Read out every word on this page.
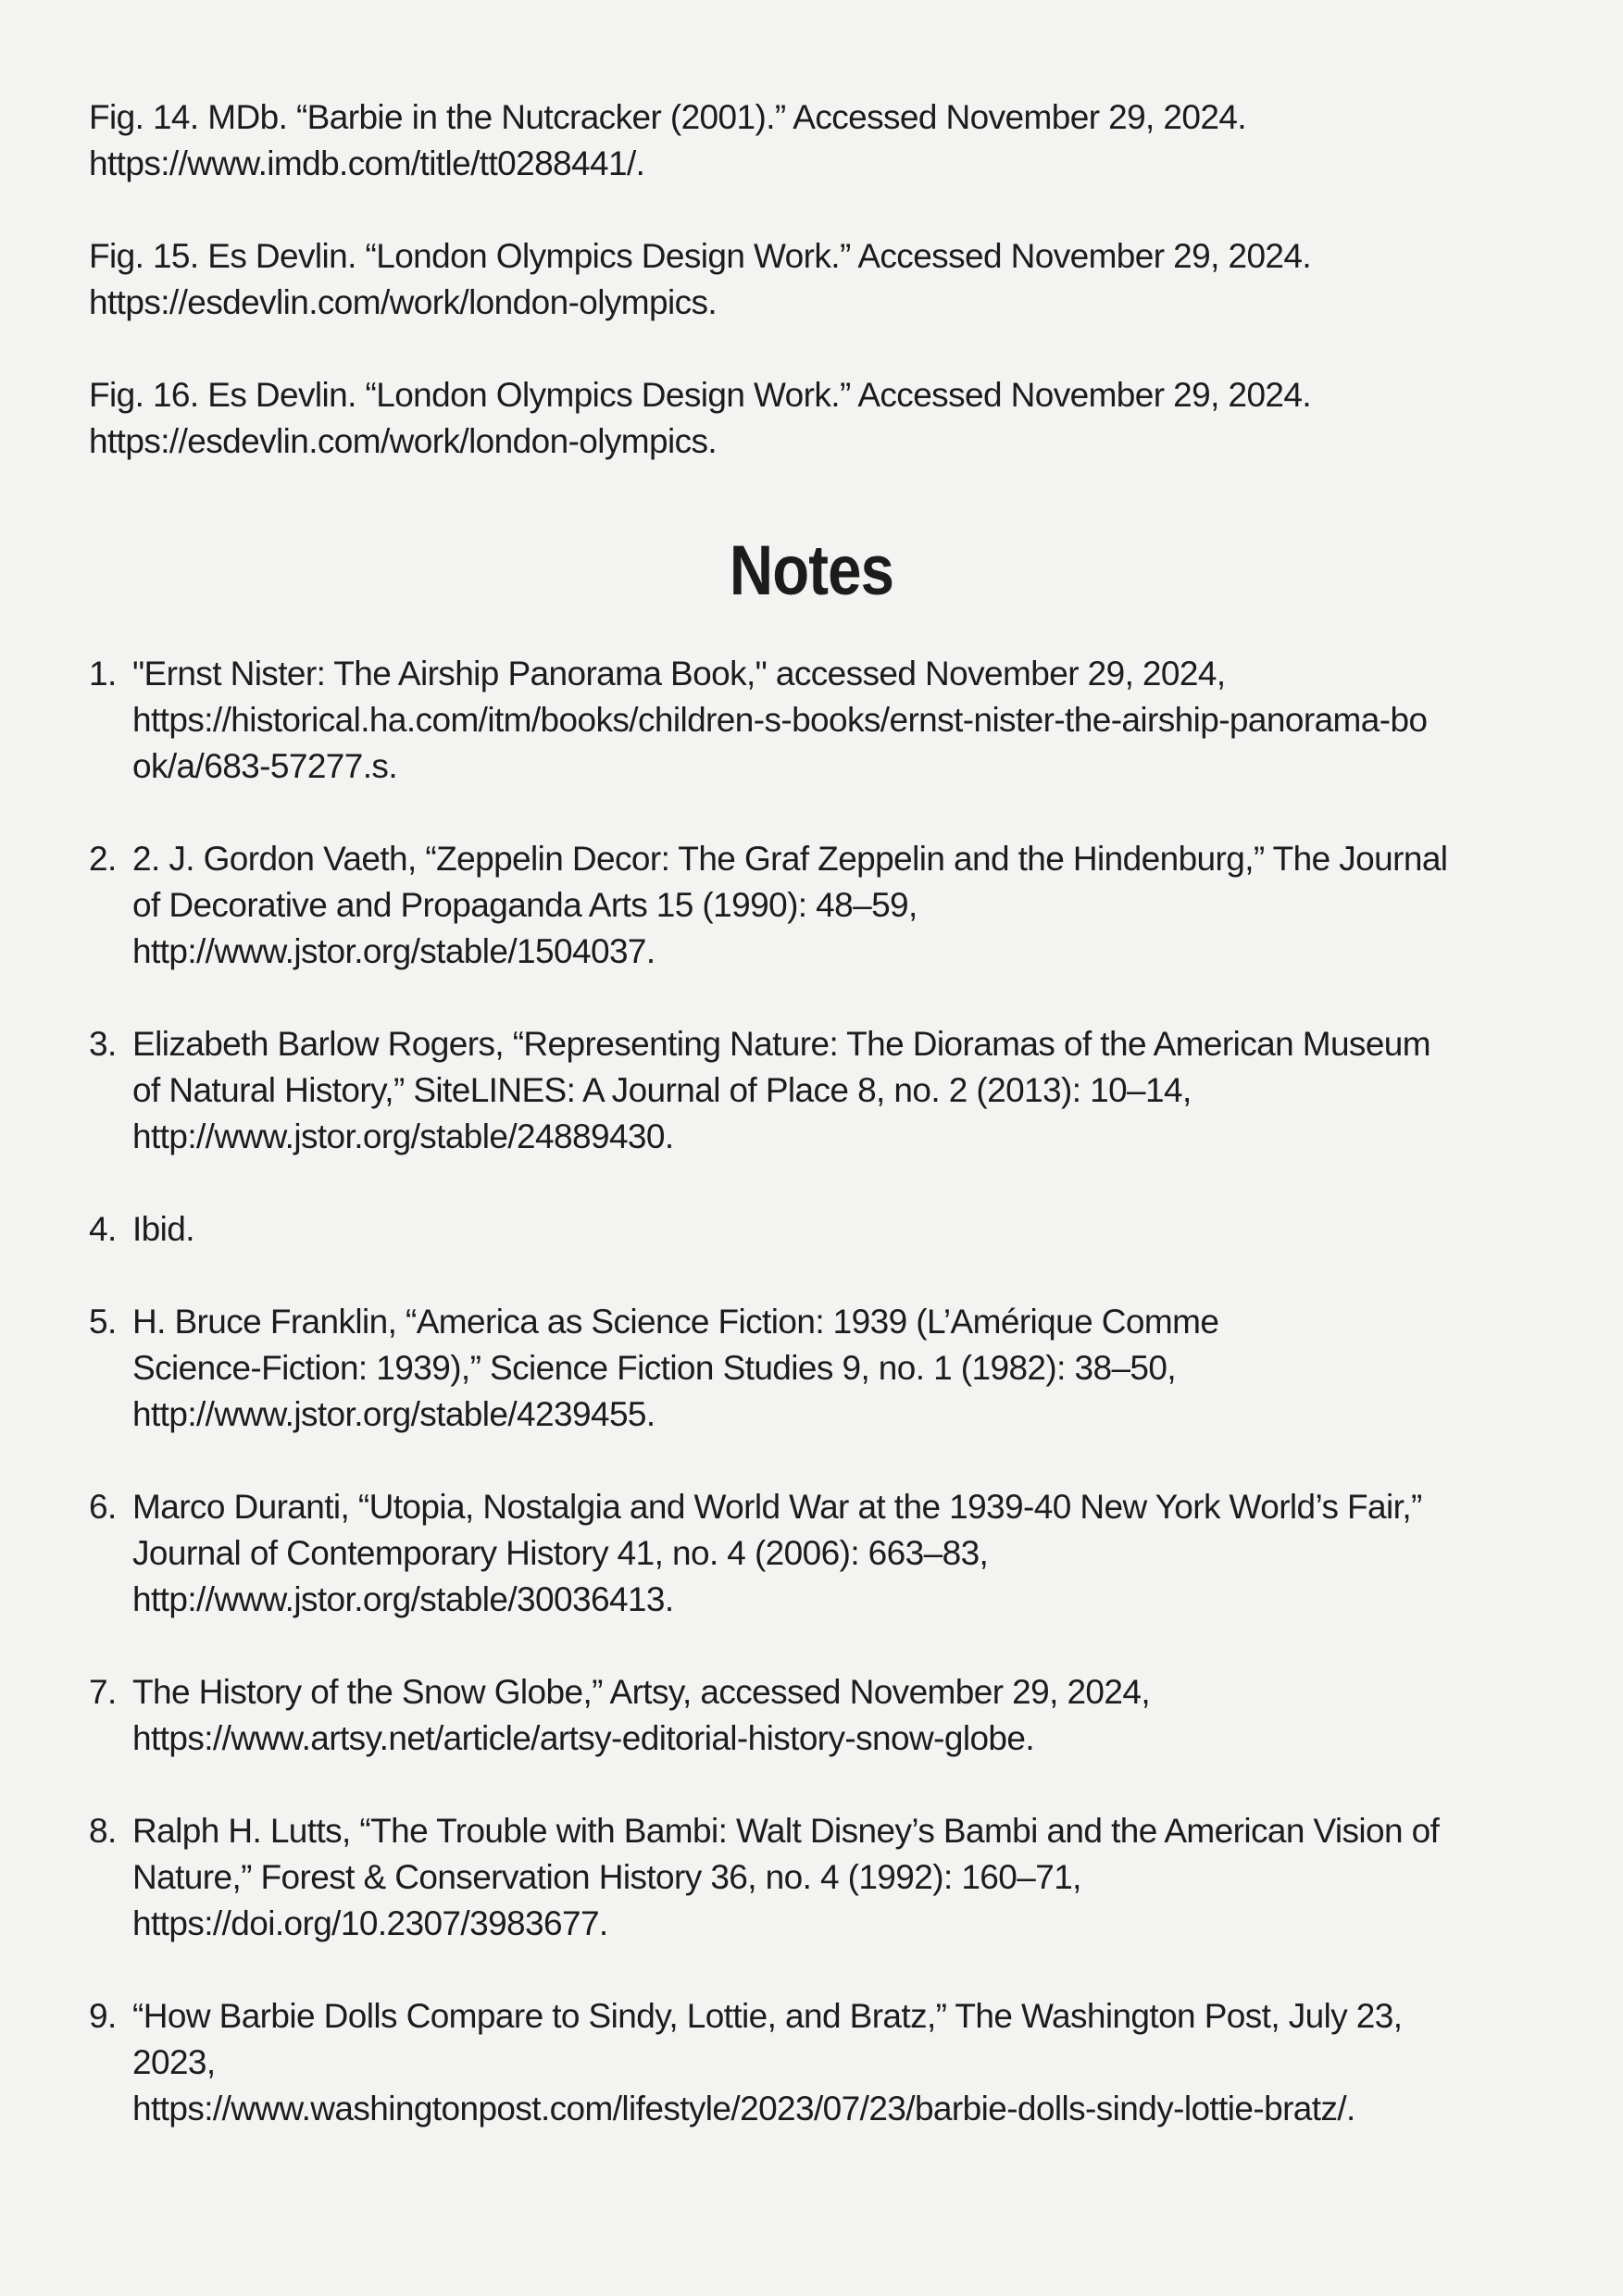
Fig. 14. MDb. “Barbie in the Nutcracker (2001).” Accessed November 29, 2024.
https://www.imdb.com/title/tt0288441/.

Fig. 15. Es Devlin. “London Olympics Design Work.” Accessed November 29, 2024.
https://esdevlin.com/work/london-olympics.

Fig. 16. Es Devlin. “London Olympics Design Work.” Accessed November 29, 2024.
https://esdevlin.com/work/london-olympics.

Notes
1. "Ernst Nister: The Airship Panorama Book," accessed November 29, 2024,
https://historical.ha.com/itm/books/children-s-books/ernst-nister-the-airship-panorama-bo
ok/a/683-57277.s.
2. 2. J. Gordon Vaeth, “Zeppelin Decor: The Graf Zeppelin and the Hindenburg,” The Journal
of Decorative and Propaganda Arts 15 (1990): 48–59,
http://www.jstor.org/stable/1504037.
3. Elizabeth Barlow Rogers, “Representing Nature: The Dioramas of the American Museum
of Natural History,” SiteLINES: A Journal of Place 8, no. 2 (2013): 10–14,
http://www.jstor.org/stable/24889430.
4. Ibid.
5. H. Bruce Franklin, “America as Science Fiction: 1939 (L’Amérique Comme
Science-Fiction: 1939),” Science Fiction Studies 9, no. 1 (1982): 38–50,
http://www.jstor.org/stable/4239455.
6. Marco Duranti, “Utopia, Nostalgia and World War at the 1939-40 New York World’s Fair,”
Journal of Contemporary History 41, no. 4 (2006): 663–83,
http://www.jstor.org/stable/30036413.
7. The History of the Snow Globe,” Artsy, accessed November 29, 2024,
https://www.artsy.net/article/artsy-editorial-history-snow-globe.
8. Ralph H. Lutts, “The Trouble with Bambi: Walt Disney’s Bambi and the American Vision of
Nature,” Forest & Conservation History 36, no. 4 (1992): 160–71,
https://doi.org/10.2307/3983677.
9. “How Barbie Dolls Compare to Sindy, Lottie, and Bratz,” The Washington Post, July 23,
2023,
https://www.washingtonpost.com/lifestyle/2023/07/23/barbie-dolls-sindy-lottie-bratz/.
